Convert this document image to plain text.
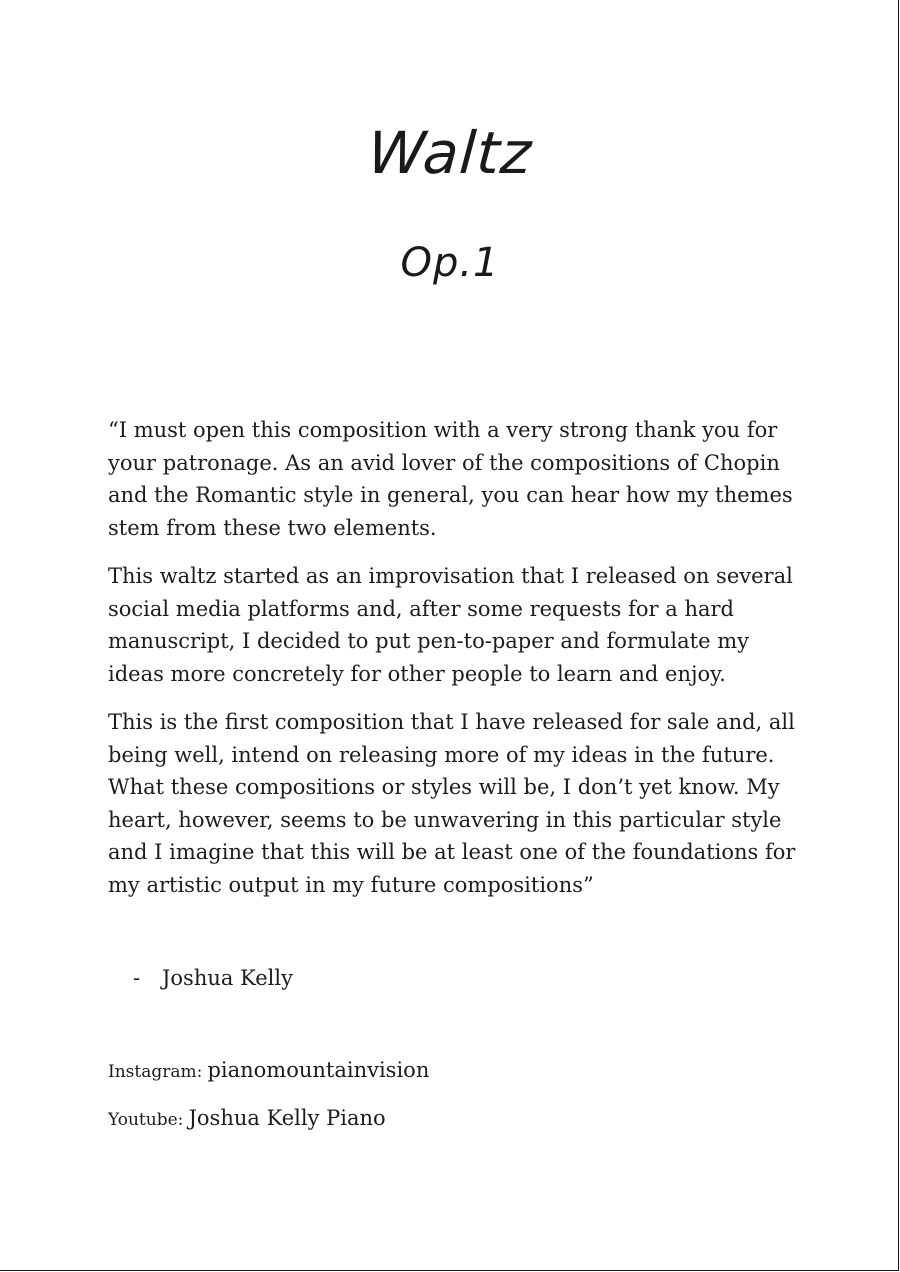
Waltz
Op.1

“I must open this composition with a very strong thank you for your patronage. As an avid lover of the compositions of Chopin and the Romantic style in general, you can hear how my themes stem from these two elements.

This waltz started as an improvisation that I released on several social media platforms and, after some requests for a hard manuscript, I decided to put pen-to-paper and formulate my ideas more concretely for other people to learn and enjoy.

This is the first composition that I have released for sale and, all being well, intend on releasing more of my ideas in the future. What these compositions or styles will be, I don’t yet know. My heart, however, seems to be unwavering in this particular style and I imagine that this will be at least one of the foundations for my artistic output in my future compositions”

- Joshua Kelly
Instagram: pianomountainvision
Youtube: Joshua Kelly Piano
